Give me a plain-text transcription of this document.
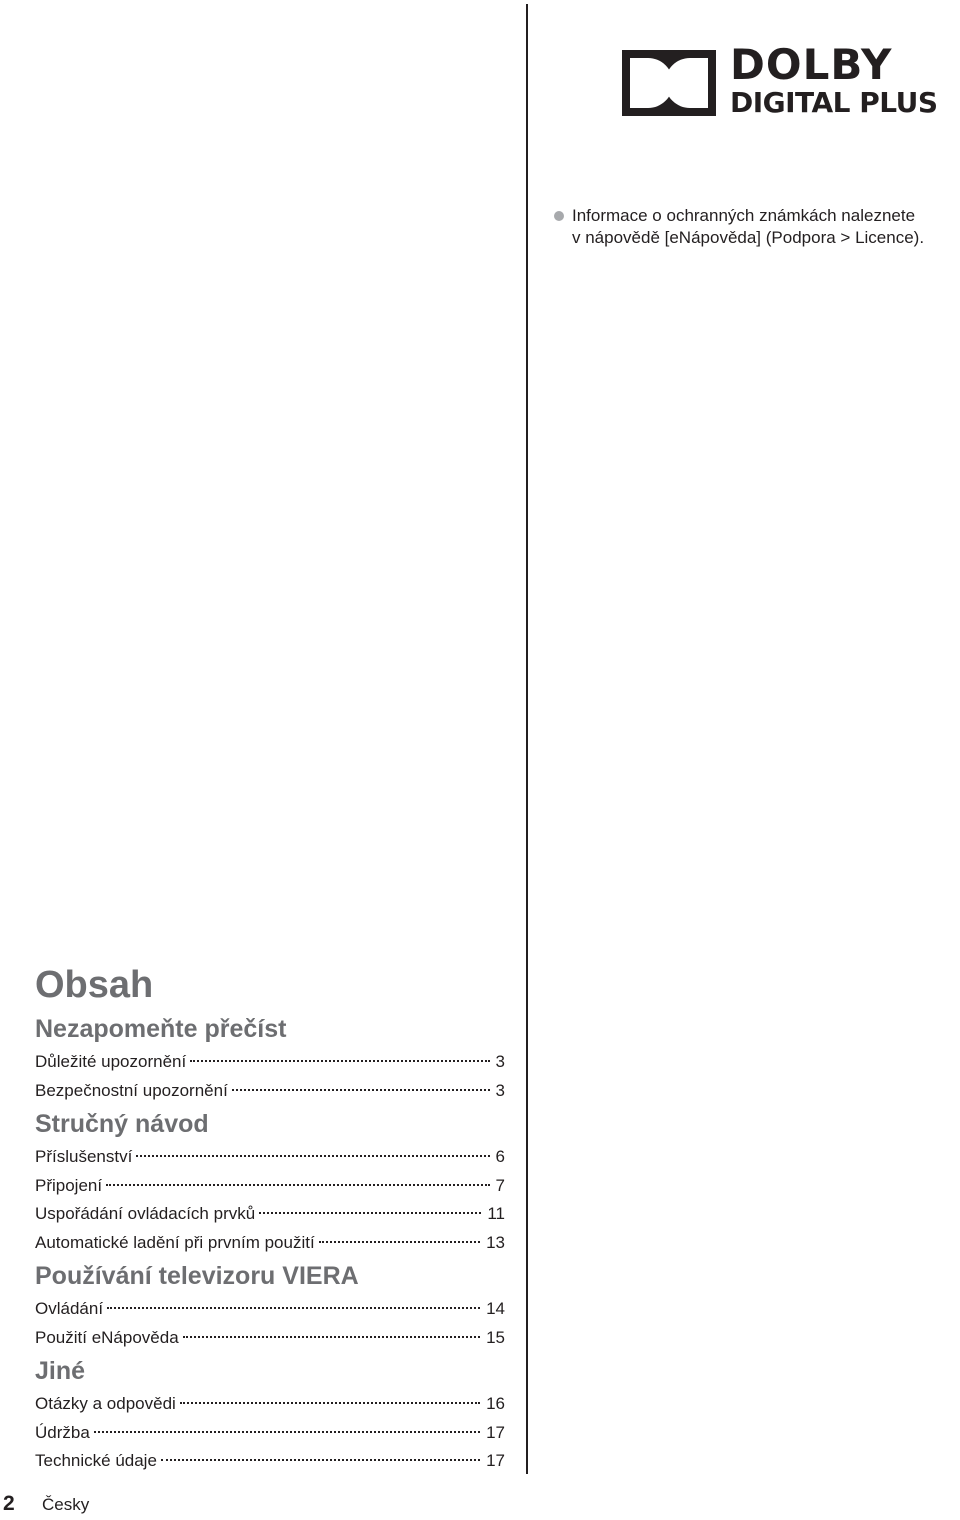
DOLBY
DIGITAL PLUS
Informace o ochranných známkách naleznete
v nápovědě [eNápověda] (Podpora > Licence).
Obsah
Nezapomeňte přečíst
Důležité upozornění	3
Bezpečnostní upozornění	3
Stručný návod
Příslušenství	6
Připojení	7
Uspořádání ovládacích prvků	11
Automatické ladění při prvním použití	13
Používání televizoru VIERA
Ovládání	14
Použití eNápověda	15
Jiné
Otázky a odpovědi	16
Údržba	17
Technické údaje	17
2 Česky
